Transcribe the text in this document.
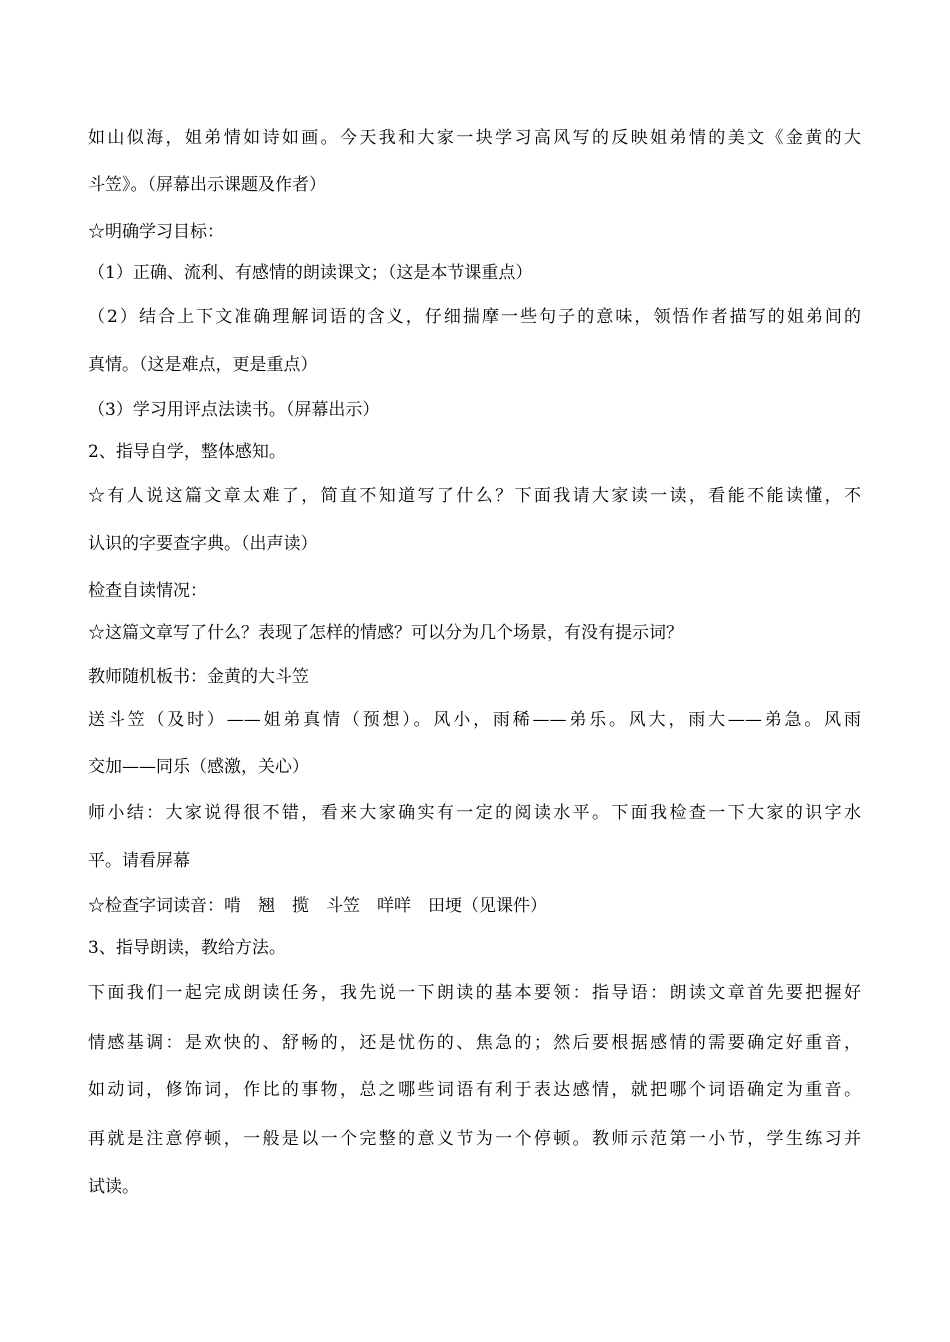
如山似海，姐弟情如诗如画。今天我和大家一块学习高风写的反映姐弟情的美文《金黄的大
斗笠》。（屏幕出示课题及作者）
☆明确学习目标：
（1）正确、流利、有感情的朗读课文；（这是本节课重点）
（2）结合上下文准确理解词语的含义，仔细揣摩一些句子的意味，领悟作者描写的姐弟间的
真情。（这是难点，更是重点）
（3）学习用评点法读书。（屏幕出示）
2、指导自学，整体感知。
☆有人说这篇文章太难了，简直不知道写了什么？下面我请大家读一读，看能不能读懂，不
认识的字要查字典。（出声读）
检查自读情况：
☆这篇文章写了什么？表现了怎样的情感？可以分为几个场景，有没有提示词？
教师随机板书：金黄的大斗笠
送斗笠（及时）——姐弟真情（预想）。风小，雨稀——弟乐。风大，雨大——弟急。风雨
交加——同乐（感激，关心）
师小结：大家说得很不错，看来大家确实有一定的阅读水平。下面我检查一下大家的识字水
平。请看屏幕
☆检查字词读音：啃　翘　揽　斗笠　咩咩　田埂（见课件）
3、指导朗读，教给方法。
下面我们一起完成朗读任务，我先说一下朗读的基本要领：指导语：朗读文章首先要把握好
情感基调：是欢快的、舒畅的，还是忧伤的、焦急的；然后要根据感情的需要确定好重音，
如动词，修饰词，作比的事物，总之哪些词语有利于表达感情，就把哪个词语确定为重音。
再就是注意停顿，一般是以一个完整的意义节为一个停顿。教师示范第一小节，学生练习并
试读。
